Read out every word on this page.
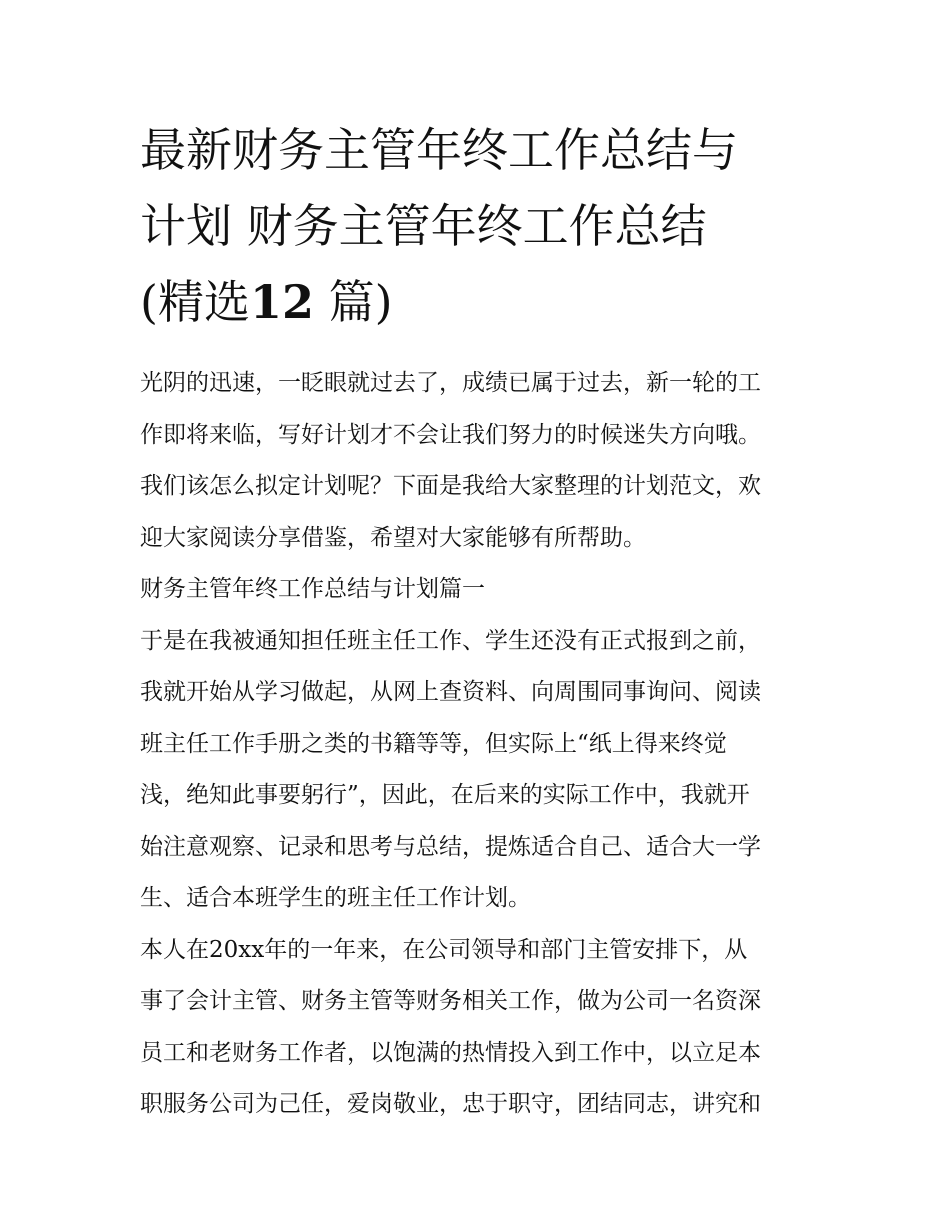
最新财务主管年终工作总结与
计划 财务主管年终工作总结
(精选12 篇)
光阴的迅速，一眨眼就过去了，成绩已属于过去，新一轮的工
作即将来临，写好计划才不会让我们努力的时候迷失方向哦。
我们该怎么拟定计划呢？下面是我给大家整理的计划范文，欢
迎大家阅读分享借鉴，希望对大家能够有所帮助。
财务主管年终工作总结与计划篇一
于是在我被通知担任班主任工作、学生还没有正式报到之前，
我就开始从学习做起，从网上查资料、向周围同事询问、阅读
班主任工作手册之类的书籍等等，但实际上“纸上得来终觉
浅，绝知此事要躬行”，因此，在后来的实际工作中，我就开
始注意观察、记录和思考与总结，提炼适合自己、适合大一学
生、适合本班学生的班主任工作计划。
本人在20xx年的一年来，在公司领导和部门主管安排下，从
事了会计主管、财务主管等财务相关工作，做为公司一名资深
员工和老财务工作者，以饱满的热情投入到工作中，以立足本
职服务公司为己任，爱岗敬业，忠于职守，团结同志，讲究和
